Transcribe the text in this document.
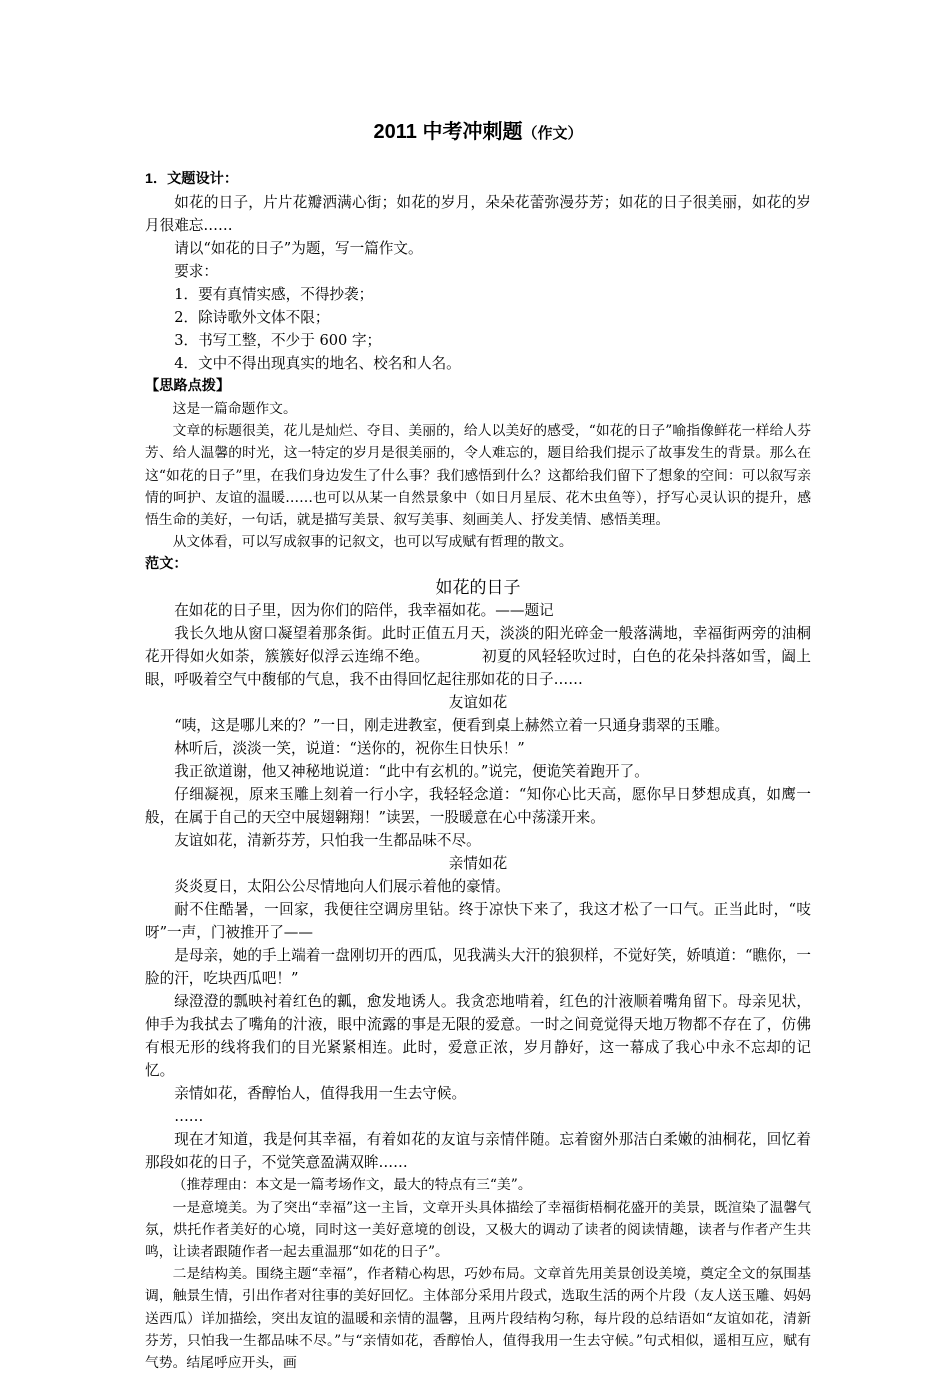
2011 中考冲刺题（作文）
1．文题设计：

如花的日子，片片花瓣洒满心街；如花的岁月，朵朵花蕾弥漫芬芳；如花的日子很美丽，如花的岁月很难忘……

请以“如花的日子”为题，写一篇作文。

要求：

1．要有真情实感，不得抄袭；

2．除诗歌外文体不限；

3．书写工整，不少于 600 字；

4．文中不得出现真实的地名、校名和人名。

【思路点拨】

这是一篇命题作文。

文章的标题很美，花儿是灿烂、夺目、美丽的，给人以美好的感受，“如花的日子”喻指像鲜花一样给人芬芳、给人温馨的时光，这一特定的岁月是很美丽的，令人难忘的，题目给我们提示了故事发生的背景。那么在这“如花的日子”里，在我们身边发生了什么事？我们感悟到什么？这都给我们留下了想象的空间：可以叙写亲情的呵护、友谊的温暖……也可以从某一自然景象中（如日月星辰、花木虫鱼等），抒写心灵认识的提升，感悟生命的美好，一句话，就是描写美景、叙写美事、刻画美人、抒发美情、感悟美理。

从文体看，可以写成叙事的记叙文，也可以写成赋有哲理的散文。

范文：
如花的日子

在如花的日子里，因为你们的陪伴，我幸福如花。——题记

我长久地从窗口凝望着那条街。此时正值五月天，淡淡的阳光碎金一般落满地，幸福街两旁的油桐花开得如火如荼，簇簇好似浮云连绵不绝。　　　　初夏的风轻轻吹过时，白色的花朵抖落如雪，阖上眼，呼吸着空气中馥郁的气息，我不由得回忆起往那如花的日子……

友谊如花

“咦，这是哪儿来的？”一日，刚走进教室，便看到桌上赫然立着一只通身翡翠的玉雕。

林听后，淡淡一笑，说道：“送你的，祝你生日快乐！”

我正欲道谢，他又神秘地说道：“此中有玄机的。”说完，便诡笑着跑开了。

仔细凝视，原来玉雕上刻着一行小字，我轻轻念道：“知你心比天高，愿你早日梦想成真，如鹰一般，在属于自己的天空中展翅翱翔！”读罢，一股暖意在心中荡漾开来。

友谊如花，清新芬芳，只怕我一生都品味不尽。

亲情如花

炎炎夏日，太阳公公尽情地向人们展示着他的豪情。

耐不住酷暑，一回家，我便往空调房里钻。终于凉快下来了，我这才松了一口气。正当此时，“吱呀”一声，门被推开了——

是母亲，她的手上端着一盘刚切开的西瓜，见我满头大汗的狼狈样，不觉好笑，娇嗔道：“瞧你，一脸的汗，吃块西瓜吧！”

绿澄澄的瓢映衬着红色的瓤，愈发地诱人。我贪恋地啃着，红色的汁液顺着嘴角留下。母亲见状，伸手为我拭去了嘴角的汁液，眼中流露的事是无限的爱意。一时之间竟觉得天地万物都不存在了，仿佛有根无形的线将我们的目光紧紧相连。此时，爱意正浓，岁月静好，这一幕成了我心中永不忘却的记忆。

亲情如花，香醇怡人，值得我用一生去守候。

……

现在才知道，我是何其幸福，有着如花的友谊与亲情伴随。忘着窗外那洁白柔嫩的油桐花，回忆着那段如花的日子，不觉笑意盈满双眸……

（推荐理由：本文是一篇考场作文，最大的特点有三“美”。

一是意境美。为了突出“幸福”这一主旨，文章开头具体描绘了幸福街梧桐花盛开的美景，既渲染了温馨气氛，烘托作者美好的心境，同时这一美好意境的创设，又极大的调动了读者的阅读情趣，读者与作者产生共鸣，让读者跟随作者一起去重温那“如花的日子”。

二是结构美。围绕主题“幸福”，作者精心构思，巧妙布局。文章首先用美景创设美境，奠定全文的氛围基调，触景生情，引出作者对往事的美好回忆。主体部分采用片段式，选取生活的两个片段（友人送玉雕、妈妈送西瓜）详加描绘，突出友谊的温暖和亲情的温馨，且两片段结构匀称，每片段的总结语如“友谊如花，清新芬芳，只怕我一生都品味不尽。”与“亲情如花，香醇怡人，值得我用一生去守候。”句式相似，遥相互应，赋有气势。结尾呼应开头，画
